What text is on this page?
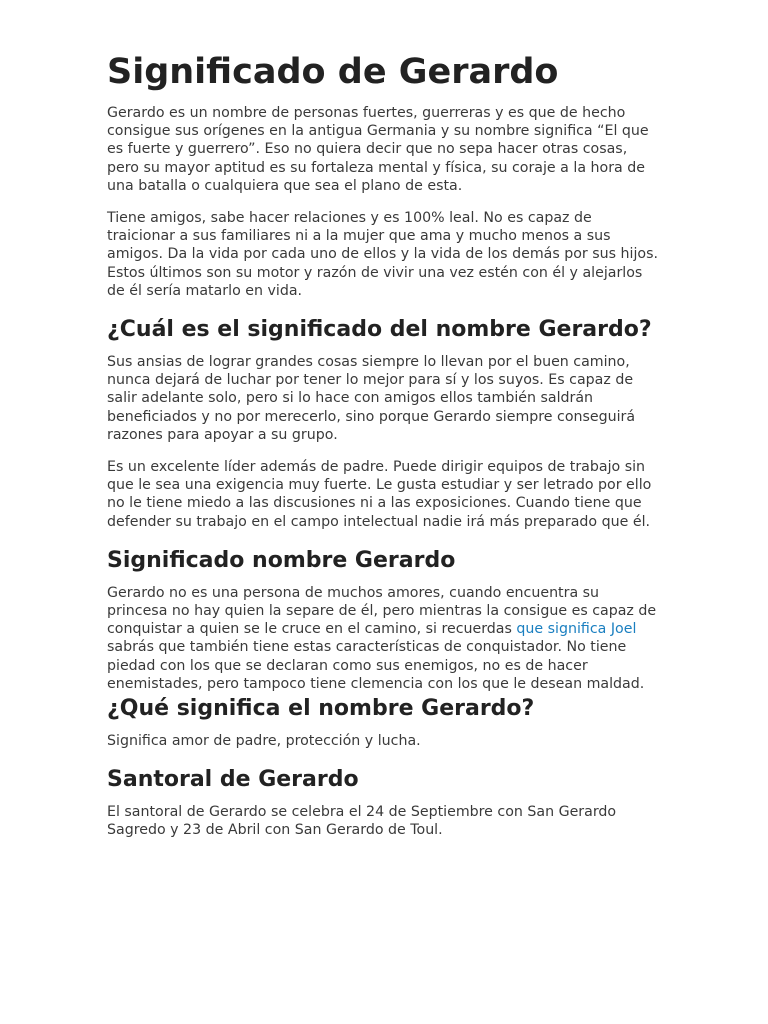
Significado de Gerardo

Gerardo es un nombre de personas fuertes, guerreras y es que de hecho consigue sus orígenes en la antigua Germania y su nombre significa “El que es fuerte y guerrero”. Eso no quiera decir que no sepa hacer otras cosas, pero su mayor aptitud es su fortaleza mental y física, su coraje a la hora de una batalla o cualquiera que sea el plano de esta.

Tiene amigos, sabe hacer relaciones y es 100% leal. No es capaz de traicionar a sus familiares ni a la mujer que ama y mucho menos a sus amigos. Da la vida por cada uno de ellos y la vida de los demás por sus hijos. Estos últimos son su motor y razón de vivir una vez estén con él y alejarlos de él sería matarlo en vida.

¿Cuál es el significado del nombre Gerardo?

Sus ansias de lograr grandes cosas siempre lo llevan por el buen camino, nunca dejará de luchar por tener lo mejor para sí y los suyos. Es capaz de salir adelante solo, pero si lo hace con amigos ellos también saldrán beneficiados y no por merecerlo, sino porque Gerardo siempre conseguirá razones para apoyar a su grupo.

Es un excelente líder además de padre. Puede dirigir equipos de trabajo sin que le sea una exigencia muy fuerte. Le gusta estudiar y ser letrado por ello no le tiene miedo a las discusiones ni a las exposiciones. Cuando tiene que defender su trabajo en el campo intelectual nadie irá más preparado que él.

Significado nombre Gerardo

Gerardo no es una persona de muchos amores, cuando encuentra su princesa no hay quien la separe de él, pero mientras la consigue es capaz de conquistar a quien se le cruce en el camino, si recuerdas que significa Joel sabrás que también tiene estas características de conquistador. No tiene piedad con los que se declaran como sus enemigos, no es de hacer enemistades, pero tampoco tiene clemencia con los que le desean maldad.

¿Qué significa el nombre Gerardo?

Significa amor de padre, protección y lucha.

Santoral de Gerardo

El santoral de Gerardo se celebra el 24 de Septiembre con San Gerardo Sagredo y 23 de Abril con San Gerardo de Toul.
